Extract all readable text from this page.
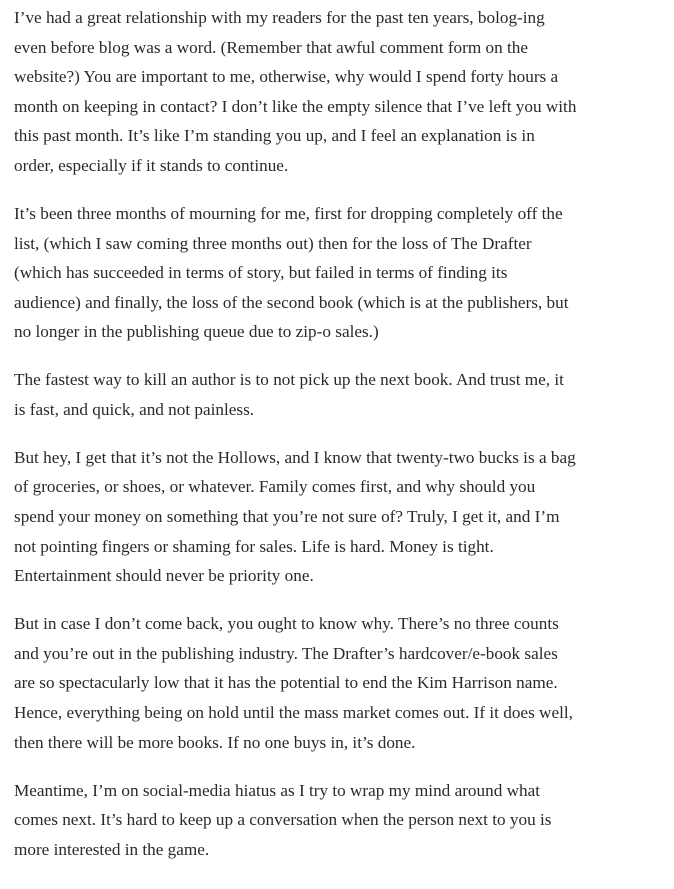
I’ve had a great relationship with my readers for the past ten years, bolog-ing
even before blog was a word. (Remember that awful comment form on the
website?) You are important to me, otherwise, why would I spend forty hours a
month on keeping in contact? I don’t like the empty silence that I’ve left you with
this past month. It’s like I’m standing you up, and I feel an explanation is in
order, especially if it stands to continue.

It’s been three months of mourning for me, first for dropping completely off the
list, (which I saw coming three months out) then for the loss of The Drafter
(which has succeeded in terms of story, but failed in terms of finding its
audience) and finally, the loss of the second book (which is at the publishers, but
no longer in the publishing queue due to zip-o sales.)

The fastest way to kill an author is to not pick up the next book. And trust me, it
is fast, and quick, and not painless.

But hey, I get that it’s not the Hollows, and I know that twenty-two bucks is a bag
of groceries, or shoes, or whatever. Family comes first, and why should you
spend your money on something that you’re not sure of? Truly, I get it, and I’m
not pointing fingers or shaming for sales. Life is hard. Money is tight.
Entertainment should never be priority one.

But in case I don’t come back, you ought to know why. There’s no three counts
and you’re out in the publishing industry. The Drafter’s hardcover/e-book sales
are so spectacularly low that it has the potential to end the Kim Harrison name.
Hence, everything being on hold until the mass market comes out. If it does well,
then there will be more books. If no one buys in, it’s done.

Meantime, I’m on social-media hiatus as I try to wrap my mind around what
comes next. It’s hard to keep up a conversation when the person next to you is
more interested in the game.
